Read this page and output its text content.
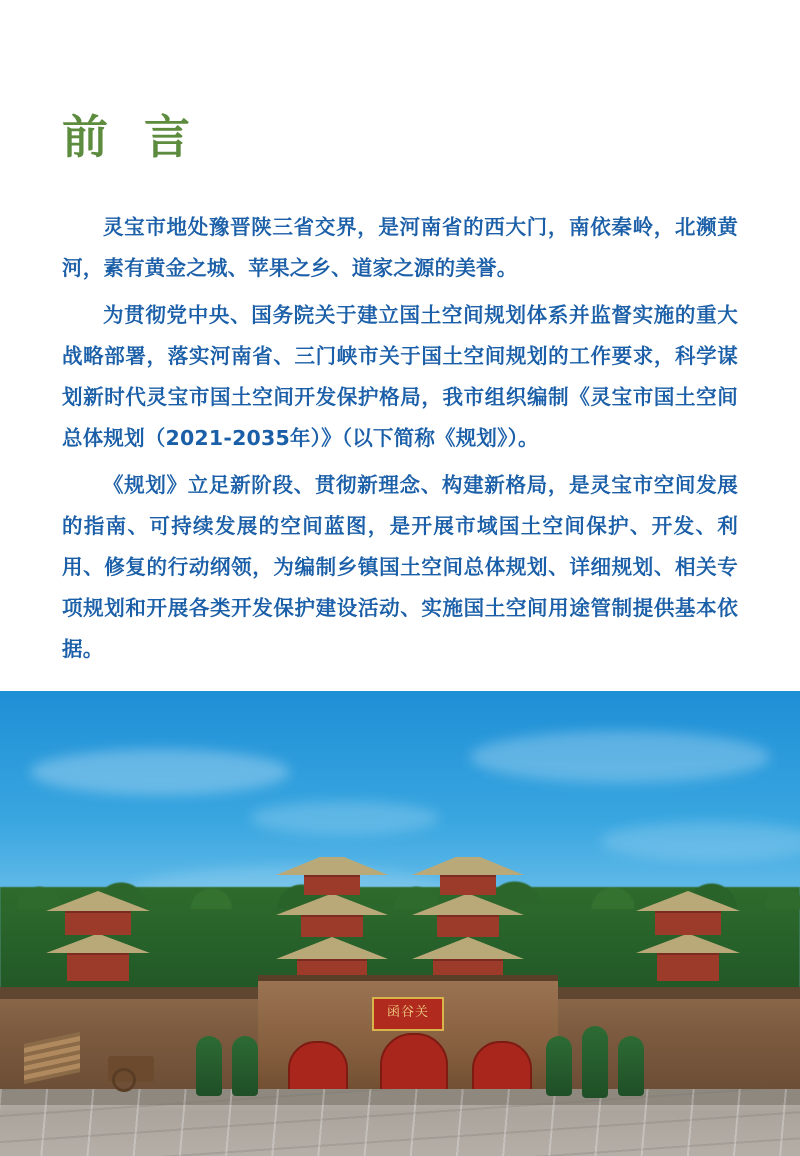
前 言

灵宝市地处豫晋陕三省交界，是河南省的西大门，南依秦岭，北濒黄河，素有黄金之城、苹果之乡、道家之源的美誉。

为贯彻党中央、国务院关于建立国土空间规划体系并监督实施的重大战略部署，落实河南省、三门峡市关于国土空间规划的工作要求，科学谋划新时代灵宝市国土空间开发保护格局，我市组织编制《灵宝市国土空间总体规划（2021-2035年）》（以下简称《规划》）。

《规划》立足新阶段、贯彻新理念、构建新格局，是灵宝市空间发展的指南、可持续发展的空间蓝图，是开展市域国土空间保护、开发、利用、修复的行动纲领，为编制乡镇国土空间总体规划、详细规划、相关专项规划和开展各类开发保护建设活动、实施国土空间用途管制提供基本依据。

函谷关
